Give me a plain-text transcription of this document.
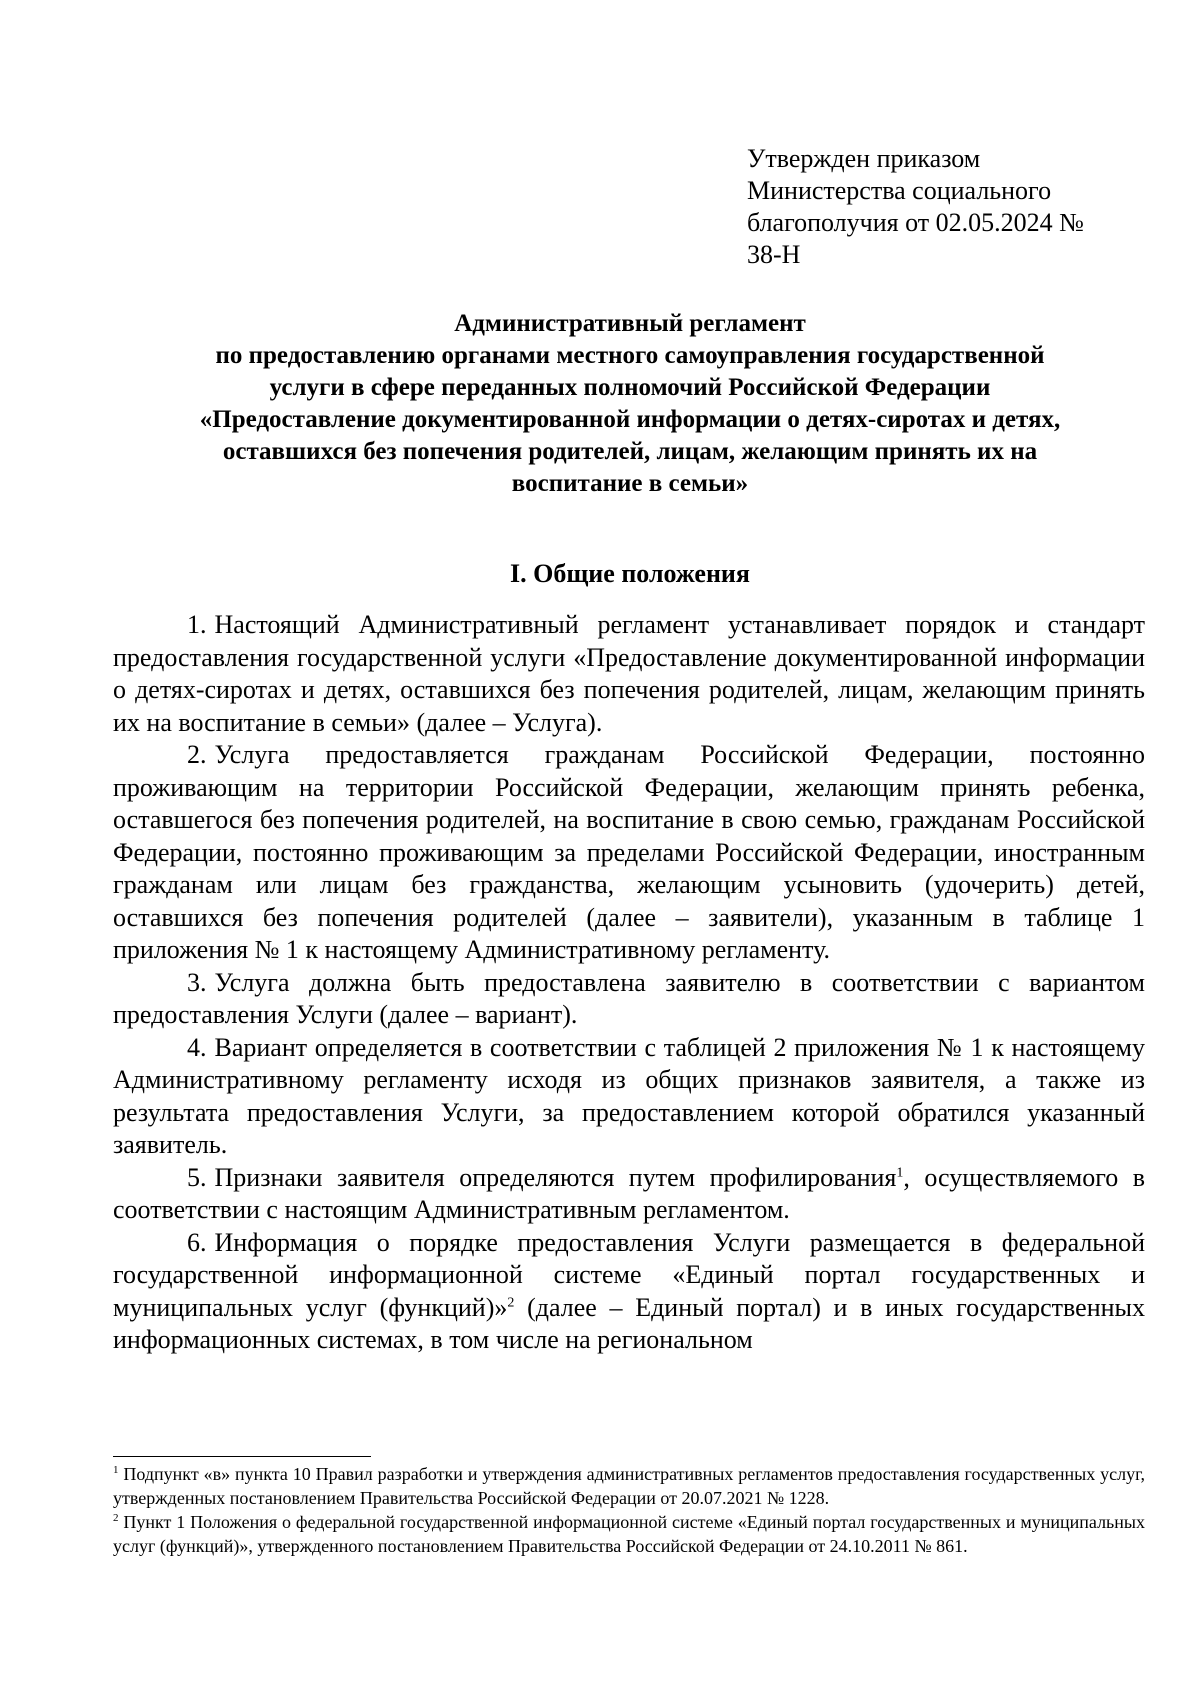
Утвержден приказом
Министерства социального
благополучия от 02.05.2024 №
38-Н
Административный регламент
по предоставлению органами местного самоуправления государственной
услуги в сфере переданных полномочий Российской Федерации
«Предоставление документированной информации о детях-сиротах и детях,
оставшихся без попечения родителей, лицам, желающим принять их на
воспитание в семьи»
I. Общие положения

1. Настоящий Административный регламент устанавливает порядок и стандарт предоставления государственной услуги «Предоставление документированной информации о детях-сиротах и детях, оставшихся без попечения родителей, лицам, желающим принять их на воспитание в семьи» (далее – Услуга).

2. Услуга предоставляется гражданам Российской Федерации, постоянно проживающим на территории Российской Федерации, желающим принять ребенка, оставшегося без попечения родителей, на воспитание в свою семью, гражданам Российской Федерации, постоянно проживающим за пределами Российской Федерации, иностранным гражданам или лицам без гражданства, желающим усыновить (удочерить) детей, оставшихся без попечения родителей (далее – заявители), указанным в таблице 1 приложения № 1 к настоящему Административному регламенту.

3. Услуга должна быть предоставлена заявителю в соответствии с вариантом предоставления Услуги (далее – вариант).

4. Вариант определяется в соответствии с таблицей 2 приложения № 1 к настоящему Административному регламенту исходя из общих признаков заявителя, а также из результата предоставления Услуги, за предоставлением которой обратился указанный заявитель.

5. Признаки заявителя определяются путем профилирования$^1$, осуществляемого в соответствии с настоящим Административным регламентом.

6. Информация о порядке предоставления Услуги размещается в федеральной государственной информационной системе «Единый портал государственных и муниципальных услуг (функций)»$^2$ (далее – Единый портал) и в иных государственных информационных системах, в том числе на региональном

$^1$ Подпункт «в» пункта 10 Правил разработки и утверждения административных регламентов предоставления государственных услуг, утвержденных постановлением Правительства Российской Федерации от 20.07.2021 № 1228.

$^2$ Пункт 1 Положения о федеральной государственной информационной системе «Единый портал государственных и муниципальных услуг (функций)», утвержденного постановлением Правительства Российской Федерации от 24.10.2011 № 861.
